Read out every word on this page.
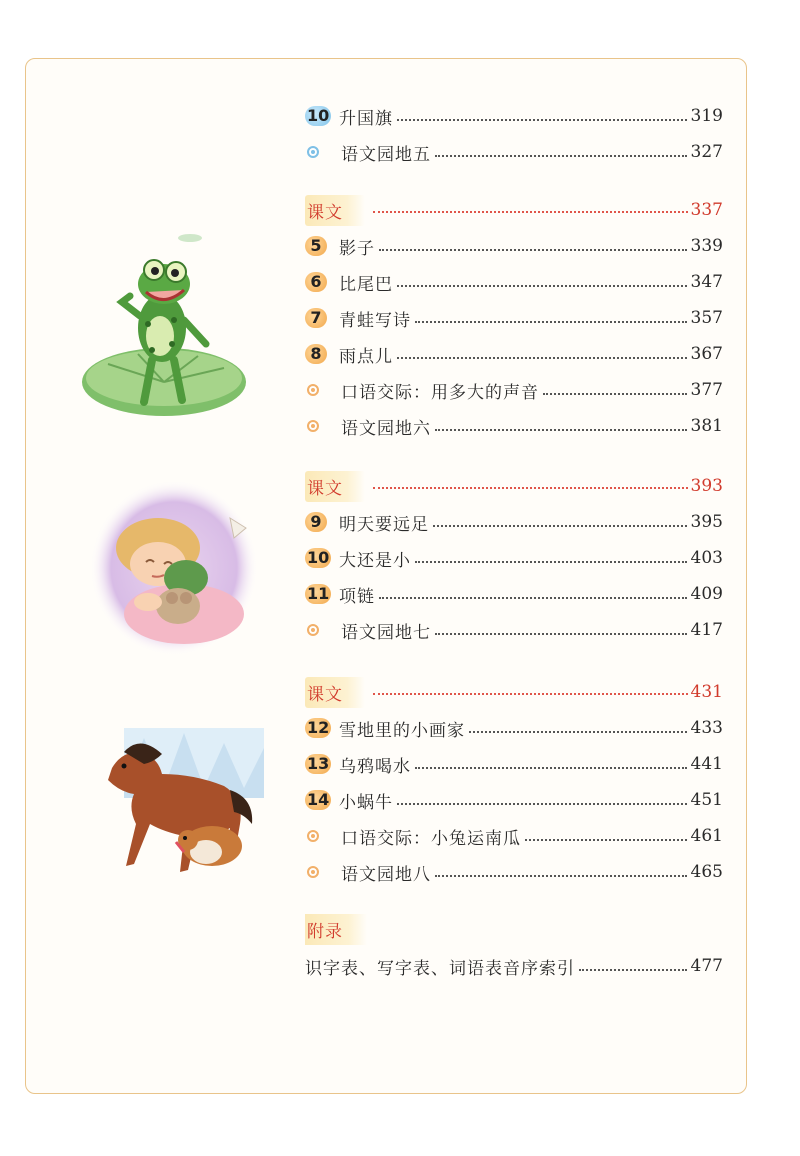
10 升国旗	319
语文园地五	327
课文	337
5	影子	339
6	比尾巴	347
7	青蛙写诗	357
8	雨点儿	367
口语交际：用多大的声音	377
语文园地六	381
课文	393
9	明天要远足	395
10 大还是小	403
11 项链	409
语文园地七	417
课文	431
12 雪地里的小画家	433
13 乌鸦喝水	441
14 小蜗牛	451
口语交际：小兔运南瓜	461
语文园地八	465
附录
识字表、写字表、词语表音序索引	477
